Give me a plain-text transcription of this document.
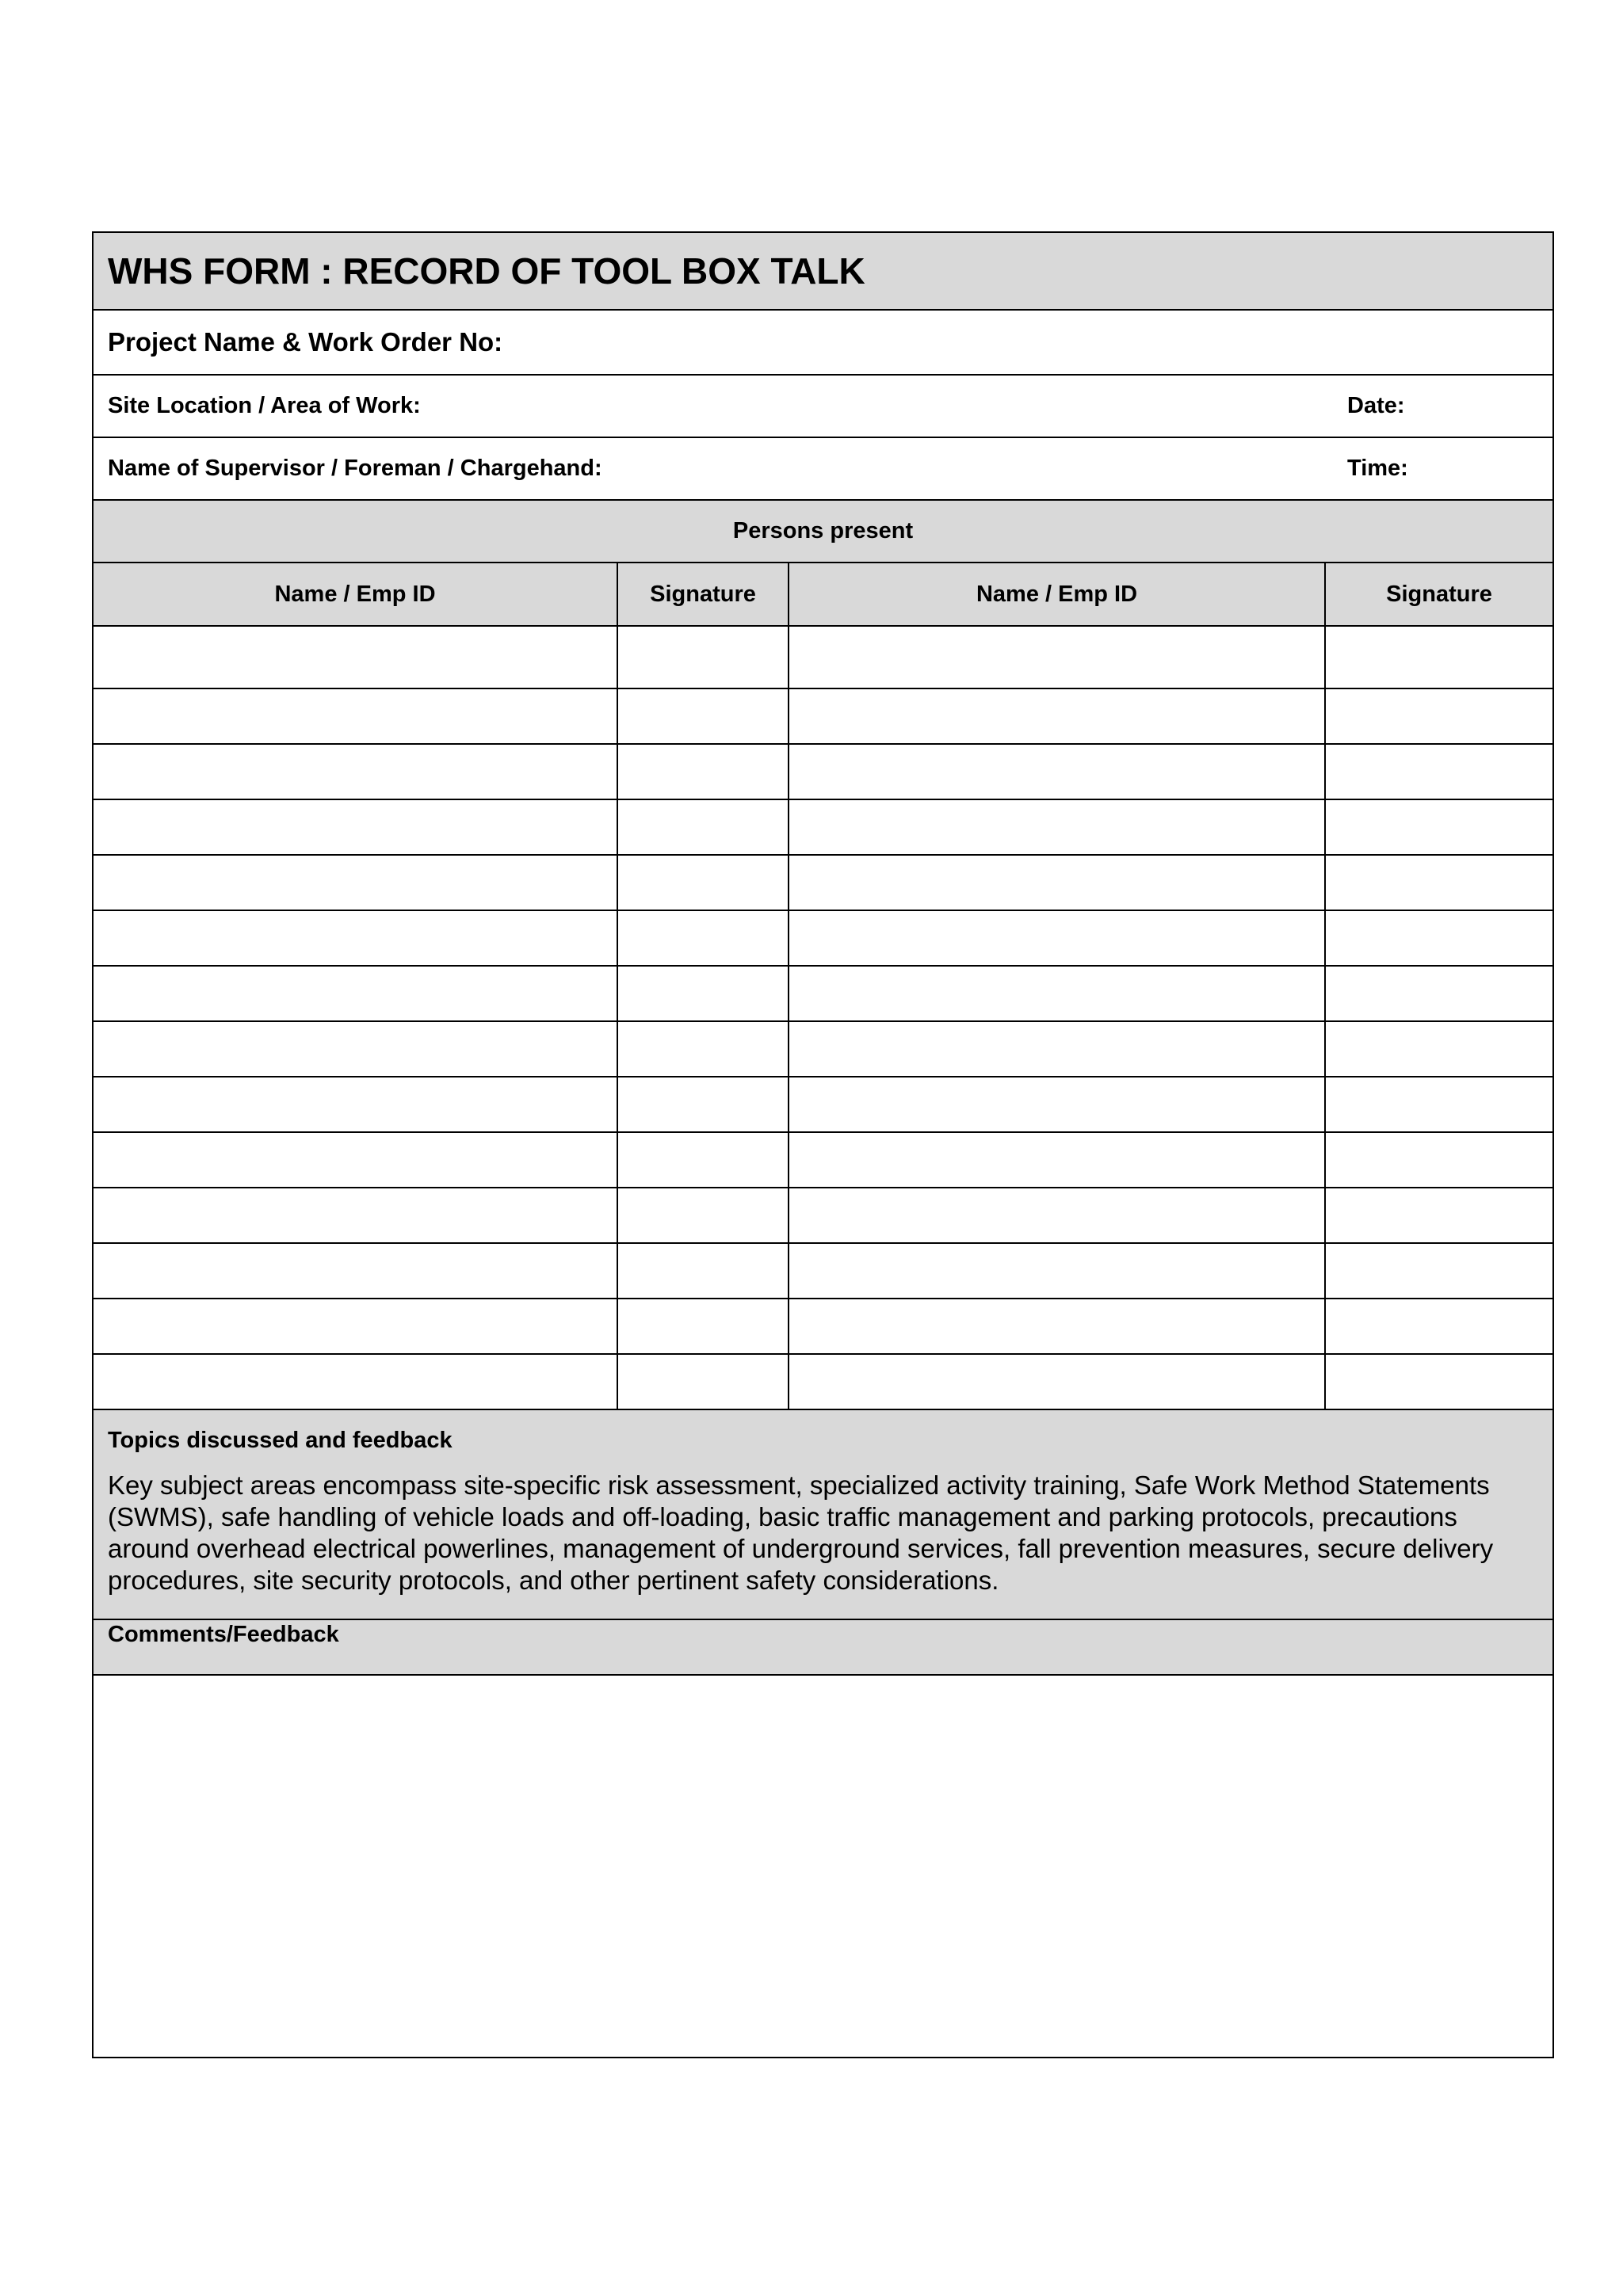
WHS FORM : RECORD OF TOOL BOX TALK
Project Name & Work Order No:
Site Location / Area of Work:	Date:
Name of Supervisor / Foreman / Chargehand:	Time:
Persons present
Name / Emp ID	Signature	Name / Emp ID	Signature

Topics discussed and feedback
Key subject areas encompass site-specific risk assessment, specialized activity training, Safe Work Method Statements (SWMS), safe handling of vehicle loads and off-loading, basic traffic management and parking protocols, precautions around overhead electrical powerlines, management of underground services, fall prevention measures, secure delivery procedures, site security protocols, and other pertinent safety considerations.
Comments/Feedback
